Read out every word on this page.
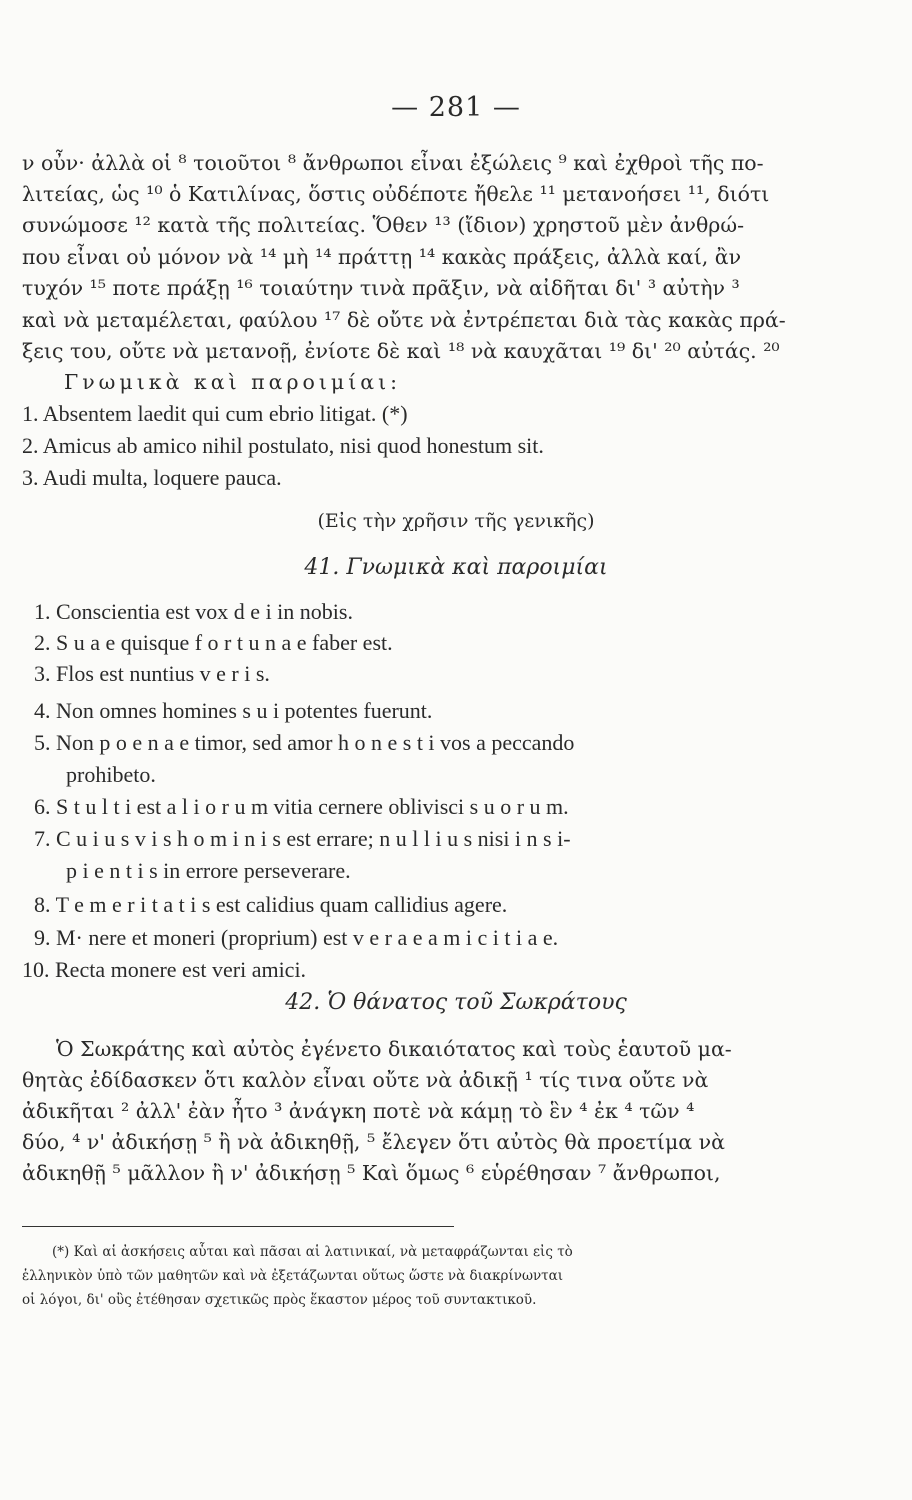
— 281 —
ν οὖν· ἀλλὰ οἱ ⁸ τοιοῦτοι ⁸ ἄνθρωποι εἶναι ἐξώλεις ⁹ καὶ ἐχθροὶ τῆς πο-
λιτείας, ὡς ¹⁰ ὁ Κατιλίνας, ὅστις οὐδέποτε ἤθελε ¹¹ μετανοήσει ¹¹, διότι
συνώμοσε ¹² κατὰ τῆς πολιτείας. Ὅθεν ¹³ (ἴδιον) χρηστοῦ μὲν ἀνθρώ-
που εἶναι οὐ μόνον νὰ ¹⁴ μὴ ¹⁴ πράττῃ ¹⁴ κακὰς πράξεις, ἀλλὰ καί, ἂν
τυχόν ¹⁵ ποτε πράξῃ ¹⁶ τοιαύτην τινὰ πρᾶξιν, νὰ αἰδῆται δι' ³ αὐτὴν ³
καὶ νὰ μεταμέλεται, φαύλου ¹⁷ δὲ οὔτε νὰ ἐντρέπεται διὰ τὰς κακὰς πρά-
ξεις του, οὔτε νὰ μετανοῇ, ἐνίοτε δὲ καὶ ¹⁸ νὰ καυχᾶται ¹⁹ δι' ²⁰ αὐτάς. ²⁰
Γνωμικὰ καὶ παροιμίαι:
1. Absentem laedit qui cum ebrio litigat. (*)
2. Amicus ab amico nihil postulato, nisi quod honestum sit.
3. Audi multa, loquere pauca.
(Εἰς τὴν χρῆσιν τῆς γενικῆς)
41. Γνωμικὰ καὶ παροιμίαι
1. Conscientia est vox d e i in nobis.
2. S u a e quisque f o r t u n a e faber est.
3. Flos est nuntius v e r i s.
4. Non omnes homines s u i potentes fuerunt.
5. Non p o e n a e timor, sed amor h o n e s t i vos a peccando
prohibeto.
6. S t u l t i est a l i o r u m vitia cernere oblivisci s u o r u m.
7. C u i u s v i s h o m i n i s est errare; n u l l i u s nisi i n s i-
p i e n t i s in errore perseverare.
8. T e m e r i t a t i s est calidius quam callidius agere.
9. M· nere et moneri (proprium) est v e r a e a m i c i t i a e.
10. Recta monere est veri amici.
42. Ὁ θάνατος τοῦ Σωκράτους
Ὁ Σωκράτης καὶ αὐτὸς ἐγένετο δικαιότατος καὶ τοὺς ἑαυτοῦ μα-
θητὰς ἐδίδασκεν ὅτι καλὸν εἶναι οὔτε νὰ ἀδικῇ ¹ τίς τινα οὔτε νὰ
ἀδικῆται ² ἀλλ' ἐὰν ἦτο ³ ἀνάγκη ποτὲ νὰ κάμῃ τὸ ἓν ⁴ ἐκ ⁴ τῶν ⁴
δύο, ⁴ ν' ἀδικήσῃ ⁵ ἢ νὰ ἀδικηθῇ, ⁵ ἔλεγεν ὅτι αὐτὸς θὰ προετίμα νὰ
ἀδικηθῇ ⁵ μᾶλλον ἢ ν' ἀδικήσῃ ⁵ Καὶ ὅμως ⁶ εὑρέθησαν ⁷ ἄνθρωποι,
(*) Καὶ αἱ ἀσκήσεις αὗται καὶ πᾶσαι αἱ λατινικαί, νὰ μεταφράζωνται εἰς τὸ
ἑλληνικὸν ὑπὸ τῶν μαθητῶν καὶ νὰ ἐξετάζωνται οὕτως ὥστε νὰ διακρίνωνται
οἱ λόγοι, δι' οὓς ἐτέθησαν σχετικῶς πρὸς ἕκαστον μέρος τοῦ συντακτικοῦ.
